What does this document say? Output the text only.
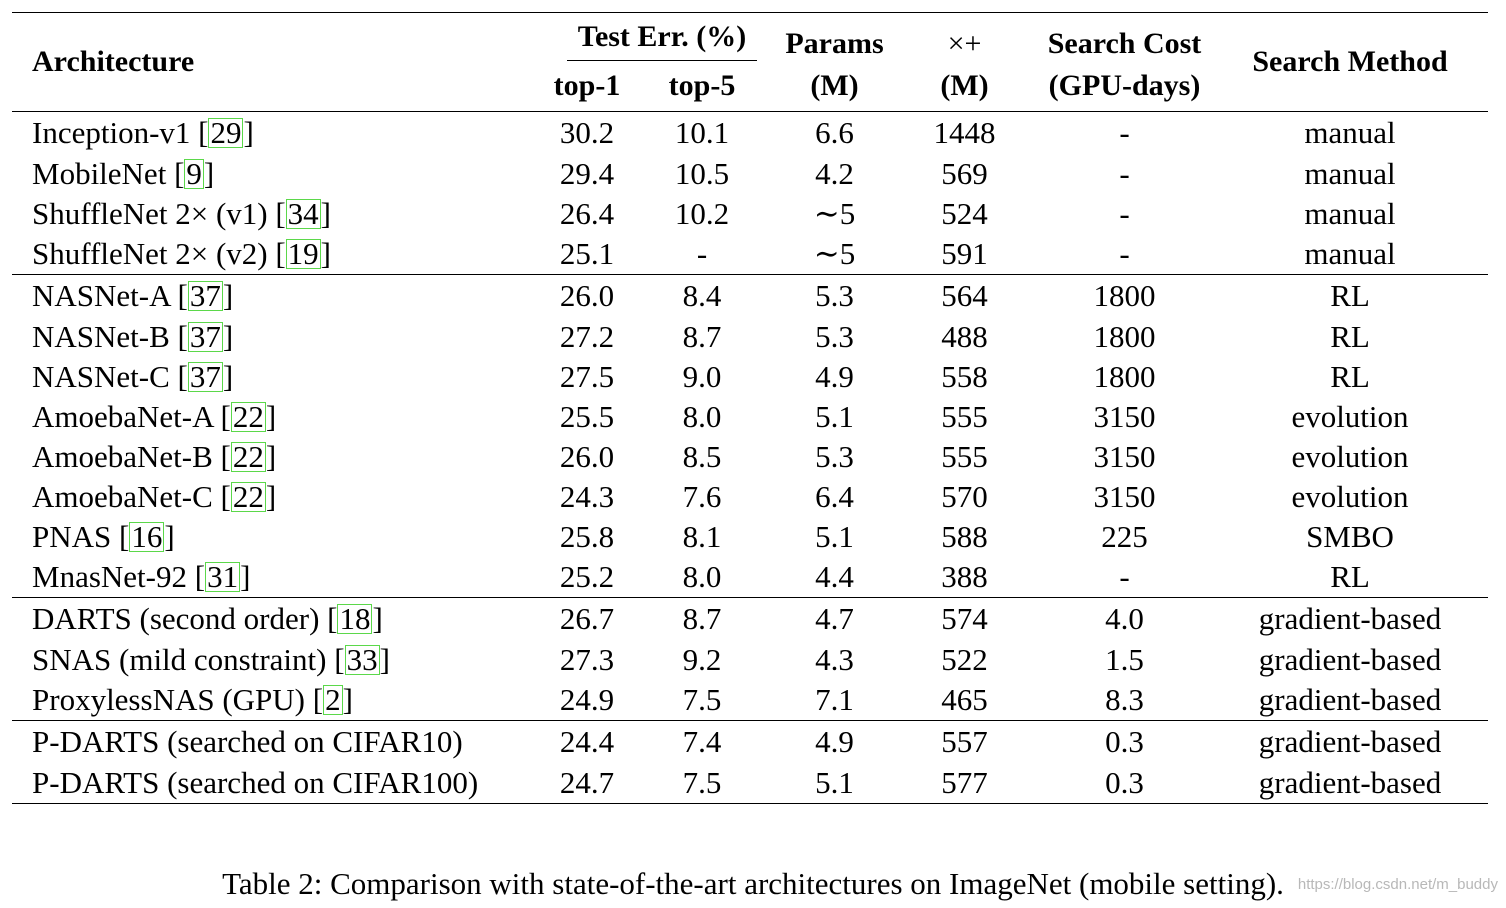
Architecture	Test Err. (%)		Params	×+	Search Cost	Search Method
	top-1	top-5	(M)	(M)	(GPU-days)	
Inception-v1 [29]	30.2	10.1	6.6	1448	-	manual
MobileNet [9]	29.4	10.5	4.2	569	-	manual
ShuffleNet 2× (v1) [34]	26.4	10.2	∼5	524	-	manual
ShuffleNet 2× (v2) [19]	25.1	-	∼5	591	-	manual
NASNet-A [37]	26.0	8.4	5.3	564	1800	RL
NASNet-B [37]	27.2	8.7	5.3	488	1800	RL
NASNet-C [37]	27.5	9.0	4.9	558	1800	RL
AmoebaNet-A [22]	25.5	8.0	5.1	555	3150	evolution
AmoebaNet-B [22]	26.0	8.5	5.3	555	3150	evolution
AmoebaNet-C [22]	24.3	7.6	6.4	570	3150	evolution
PNAS [16]	25.8	8.1	5.1	588	225	SMBO
MnasNet-92 [31]	25.2	8.0	4.4	388	-	RL
DARTS (second order) [18]	26.7	8.7	4.7	574	4.0	gradient-based
SNAS (mild constraint) [33]	27.3	9.2	4.3	522	1.5	gradient-based
ProxylessNAS (GPU) [2]	24.9	7.5	7.1	465	8.3	gradient-based
P-DARTS (searched on CIFAR10)	24.4	7.4	4.9	557	0.3	gradient-based
P-DARTS (searched on CIFAR100)	24.7	7.5	5.1	577	0.3	gradient-based
Table 2: Comparison with state-of-the-art architectures on ImageNet (mobile setting). https://blog.csdn.net/m_buddy
